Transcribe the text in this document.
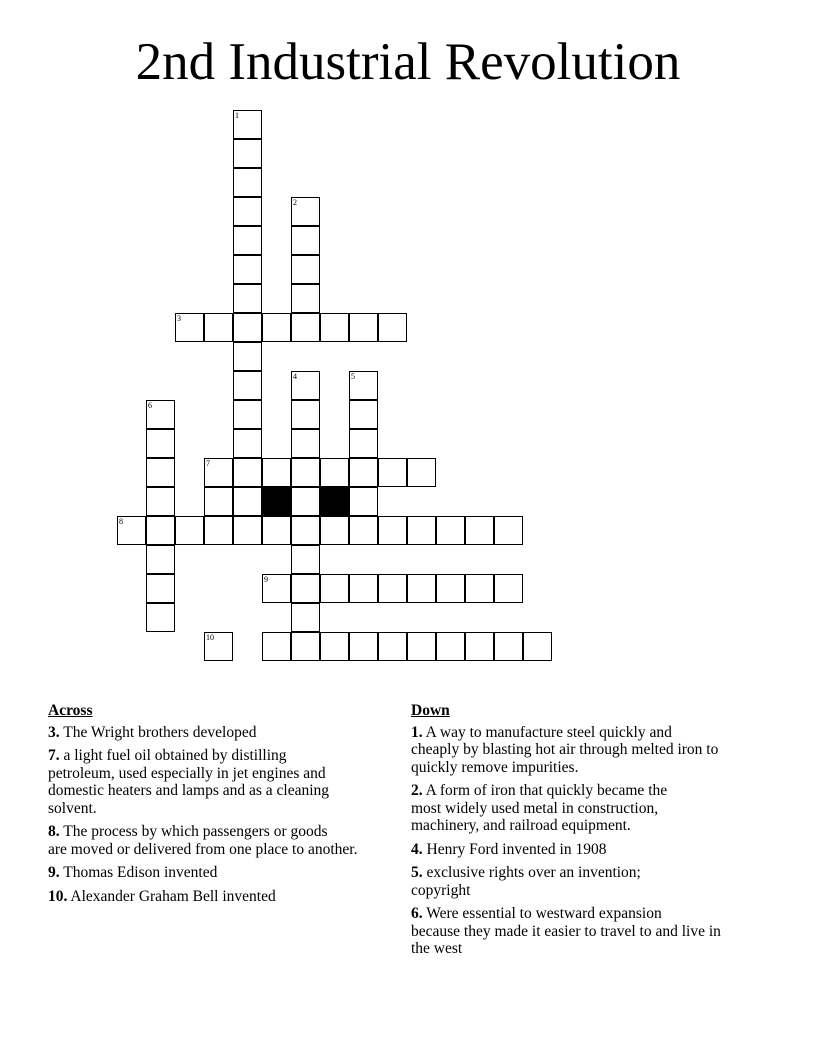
2nd Industrial Revolution
1
2
3
4	5
6
7
8
9
10
Across
3. The Wright brothers developed
7. a light fuel oil obtained by distilling
petroleum, used especially in jet engines and
domestic heaters and lamps and as a cleaning
solvent.
8. The process by which passengers or goods
are moved or delivered from one place to another.
9. Thomas Edison invented
10. Alexander Graham Bell invented
Down
1. A way to manufacture steel quickly and
cheaply by blasting hot air through melted iron to
quickly remove impurities.
2. A form of iron that quickly became the
most widely used metal in construction,
machinery, and railroad equipment.
4. Henry Ford invented in 1908
5. exclusive rights over an invention;
copyright
6. Were essential to westward expansion
because they made it easier to travel to and live in
the west
